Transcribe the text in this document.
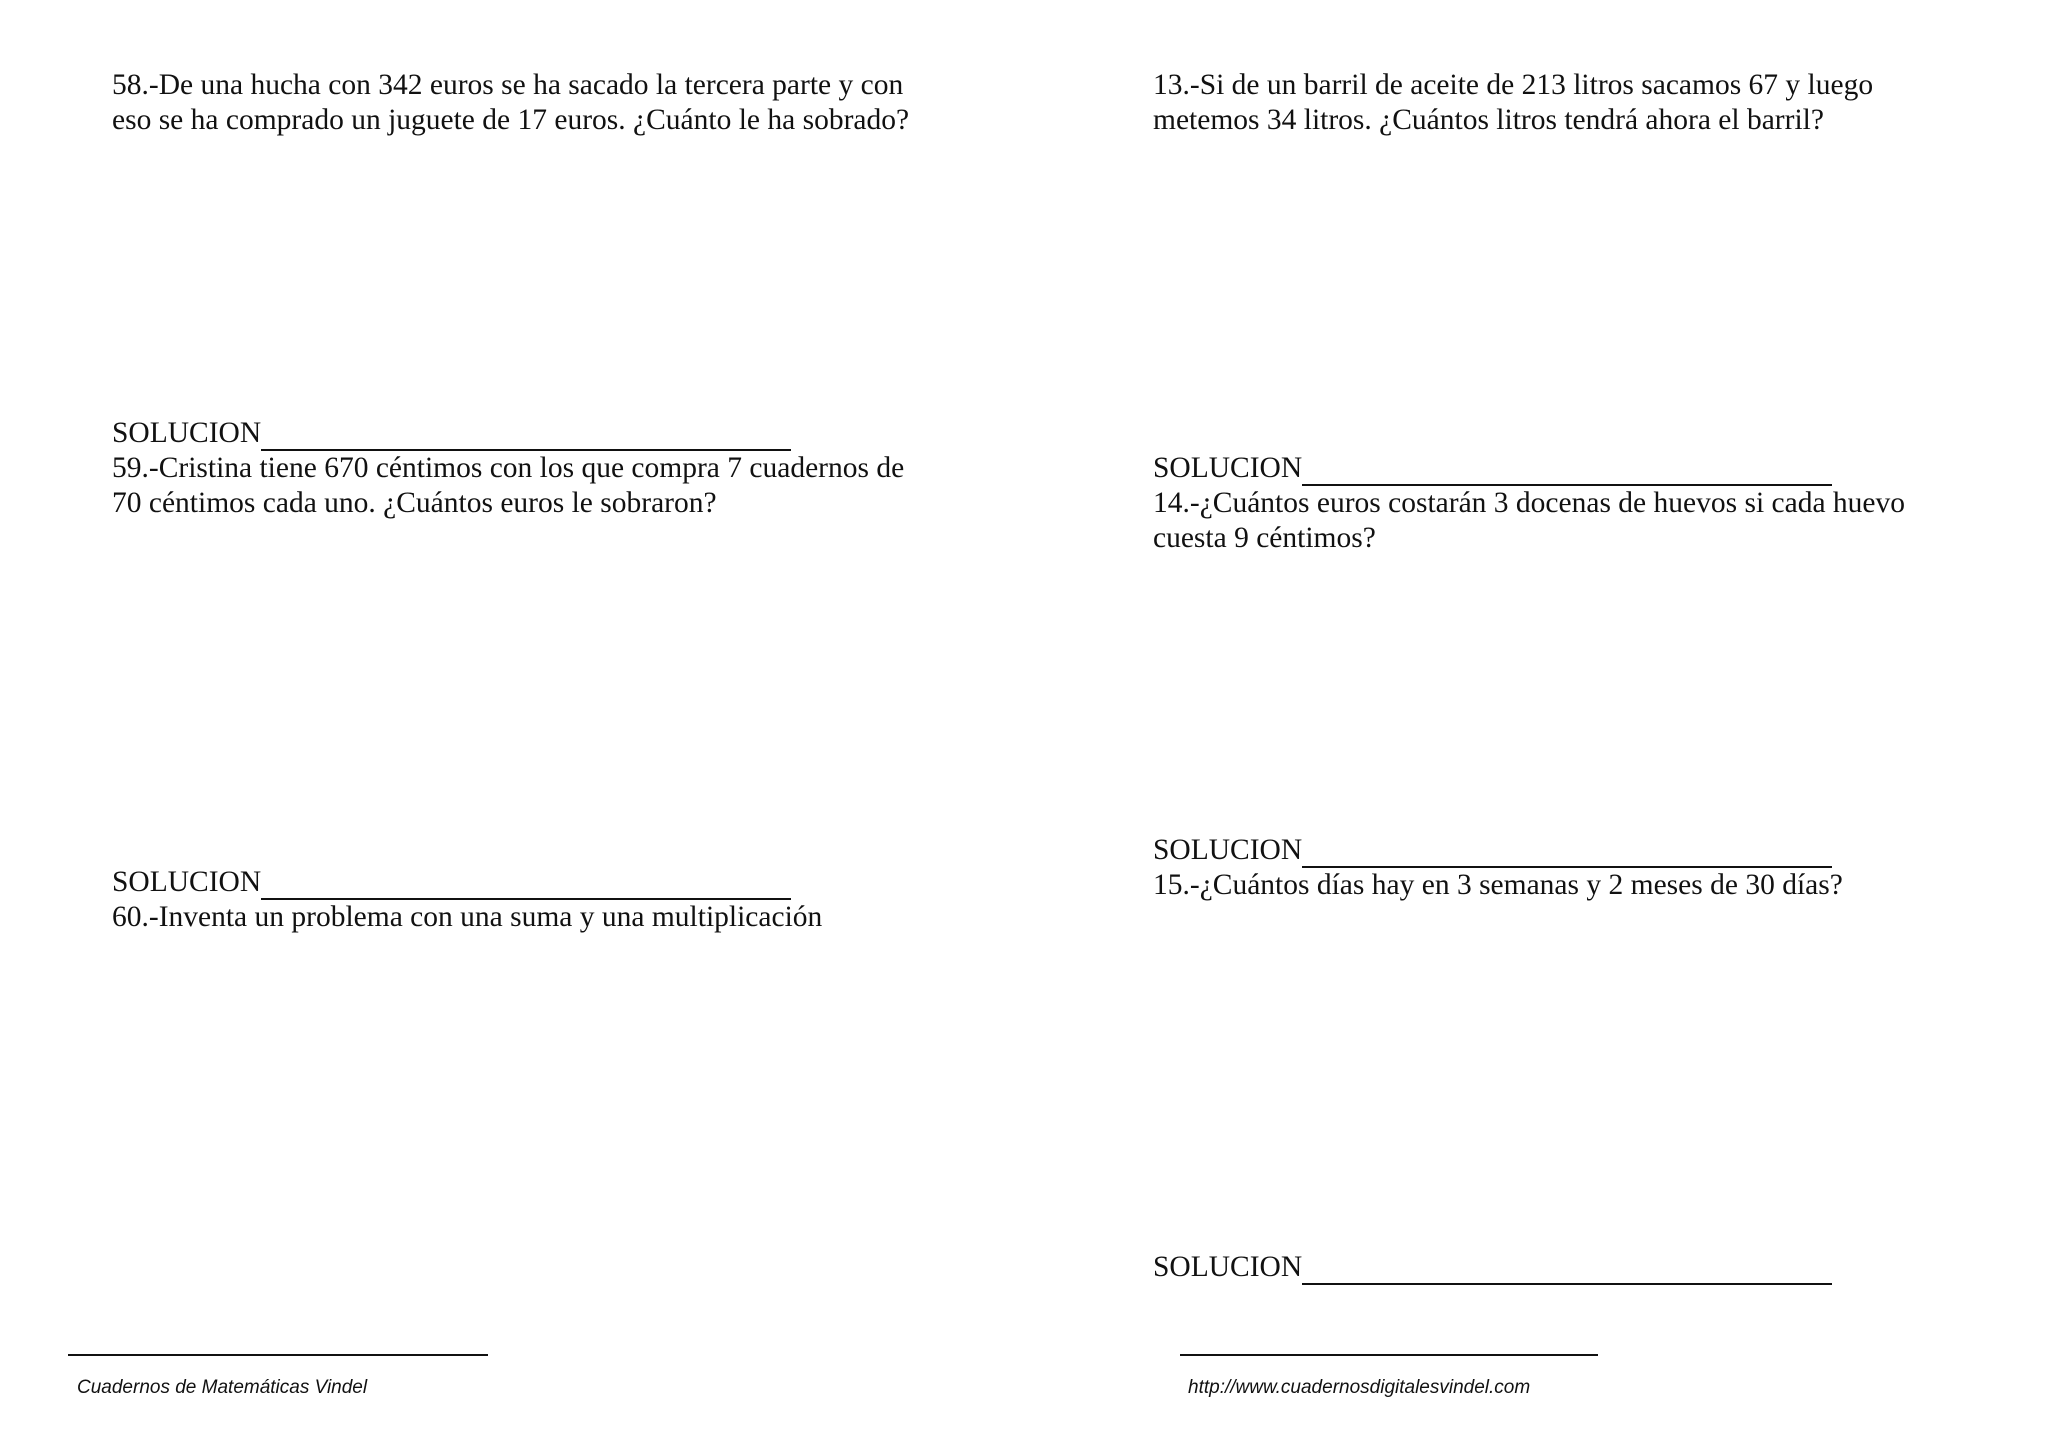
58.-De una hucha con 342 euros se ha sacado la tercera parte y con eso se ha comprado un juguete de 17 euros. ¿Cuánto le ha sobrado?

SOLUCION

59.-Cristina tiene 670 céntimos con los que compra 7 cuadernos de 70 céntimos cada uno. ¿Cuántos euros le sobraron?

SOLUCION

60.-Inventa un problema con una suma y una multiplicación

13.-Si de un barril de aceite de 213 litros sacamos 67 y luego metemos 34 litros. ¿Cuántos litros tendrá ahora el barril?

SOLUCION

14.-¿Cuántos euros costarán 3 docenas de huevos si cada huevo cuesta 9 céntimos?

SOLUCION

15.-¿Cuántos días hay en 3 semanas y 2 meses de 30 días?

SOLUCION
Cuadernos de Matemáticas Vindel	http://www.cuadernosdigitalesvindel.com
